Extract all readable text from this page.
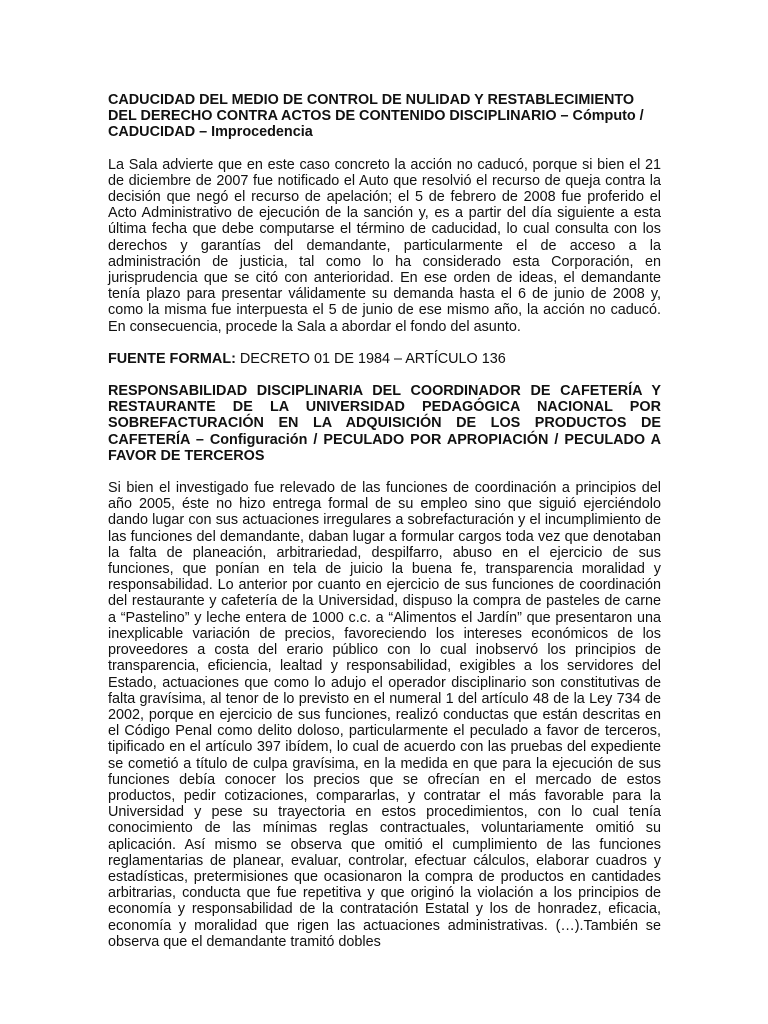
CADUCIDAD DEL MEDIO DE CONTROL DE NULIDAD Y RESTABLECIMIENTO DEL DERECHO CONTRA ACTOS DE CONTENIDO DISCIPLINARIO – Cómputo / CADUCIDAD – Improcedencia

La Sala advierte que en este caso concreto la acción no caducó, porque si bien el 21 de diciembre de 2007 fue notificado el Auto que resolvió el recurso de queja contra la decisión que negó el recurso de apelación; el 5 de febrero de 2008 fue proferido el Acto Administrativo de ejecución de la sanción y, es a partir del día siguiente a esta última fecha que debe computarse el término de caducidad, lo cual consulta con los derechos y garantías del demandante, particularmente el de acceso a la administración de justicia, tal como lo ha considerado esta Corporación, en jurisprudencia que se citó con anterioridad. En ese orden de ideas, el demandante tenía plazo para presentar válidamente su demanda hasta el 6 de junio de 2008 y, como la misma fue interpuesta el 5 de junio de ese mismo año, la acción no caducó. En consecuencia, procede la Sala a abordar el fondo del asunto.

FUENTE FORMAL: DECRETO 01 DE 1984 – ARTÍCULO 136

RESPONSABILIDAD DISCIPLINARIA DEL COORDINADOR DE CAFETERÍA Y RESTAURANTE DE LA UNIVERSIDAD PEDAGÓGICA NACIONAL POR SOBREFACTURACIÓN EN LA ADQUISICIÓN DE LOS PRODUCTOS DE CAFETERÍA – Configuración / PECULADO POR APROPIACIÓN / PECULADO A FAVOR DE TERCEROS

Si bien el investigado fue relevado de las funciones de coordinación a principios del año 2005, éste no hizo entrega formal de su empleo sino que siguió ejerciéndolo dando lugar con sus actuaciones irregulares a sobrefacturación y el incumplimiento de las funciones del demandante, daban lugar a formular cargos toda vez que denotaban la falta de planeación, arbitrariedad, despilfarro, abuso en el ejercicio de sus funciones, que ponían en tela de juicio la buena fe, transparencia moralidad y responsabilidad. Lo anterior por cuanto en ejercicio de sus funciones de coordinación del restaurante y cafetería de la Universidad, dispuso la compra de pasteles de carne a “Pastelino” y leche entera de 1000 c.c. a “Alimentos el Jardín” que presentaron una inexplicable variación de precios, favoreciendo los intereses económicos de los proveedores a costa del erario público con lo cual inobservó los principios de transparencia, eficiencia, lealtad y responsabilidad, exigibles a los servidores del Estado, actuaciones que como lo adujo el operador disciplinario son constitutivas de falta gravísima, al tenor de lo previsto en el numeral 1 del artículo 48 de la Ley 734 de 2002, porque en ejercicio de sus funciones, realizó conductas que están descritas en el Código Penal como delito doloso, particularmente el peculado a favor de terceros, tipificado en el artículo 397 ibídem, lo cual de acuerdo con las pruebas del expediente se cometió a título de culpa gravísima, en la medida en que para la ejecución de sus funciones debía conocer los precios que se ofrecían en el mercado de estos productos, pedir cotizaciones, compararlas, y contratar el más favorable para la Universidad y pese su trayectoria en estos procedimientos, con lo cual tenía conocimiento de las mínimas reglas contractuales, voluntariamente omitió su aplicación. Así mismo se observa que omitió el cumplimiento de las funciones reglamentarias de planear, evaluar, controlar, efectuar cálculos, elaborar cuadros y estadísticas, pretermisiones que ocasionaron la compra de productos en cantidades arbitrarias, conducta que fue repetitiva y que originó la violación a los principios de economía y responsabilidad de la contratación Estatal y los de honradez, eficacia, economía y moralidad que rigen las actuaciones administrativas. (…).También se observa que el demandante tramitó dobles
